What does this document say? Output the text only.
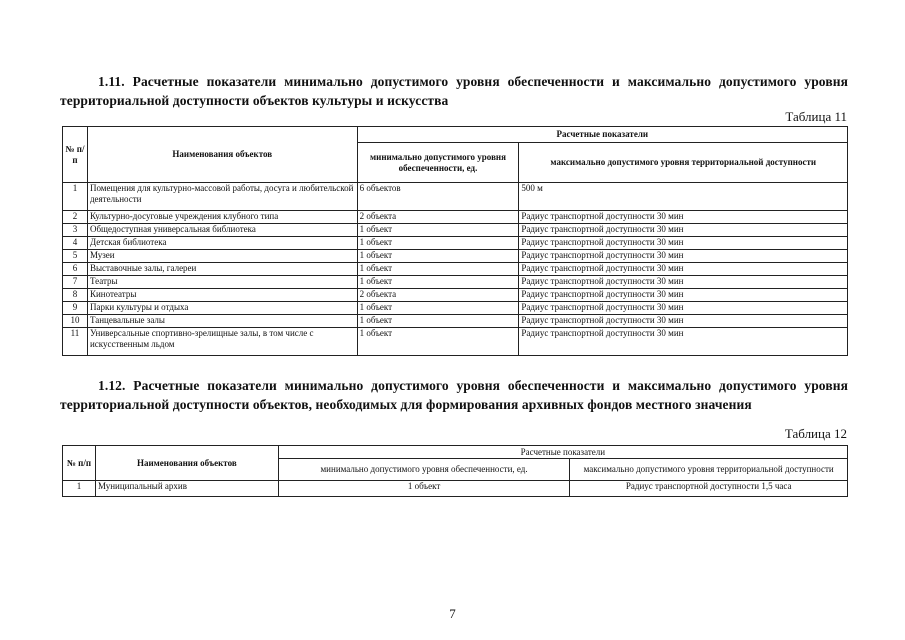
1.11. Расчетные показатели минимально допустимого уровня обеспеченности и максимально допустимого уровня территориальной доступности объектов культуры и искусства
Таблица 11
№ п/п	Наименования объектов	Расчетные показатели	
		минимально допустимого уровня обеспеченности, ед.	максимально допустимого уровня территориальной доступности
1	Помещения для культурно-массовой работы, досуга и любительской деятельности	6 объектов	500 м
2	Культурно-досуговые учреждения клубного типа	2 объекта	Радиус транспортной доступности 30 мин
3	Общедоступная универсальная библиотека	1 объект	Радиус транспортной доступности 30 мин
4	Детская библиотека	1 объект	Радиус транспортной доступности 30 мин
5	Музеи	1 объект	Радиус транспортной доступности 30 мин
6	Выставочные залы, галереи	1 объект	Радиус транспортной доступности 30 мин
7	Театры	1 объект	Радиус транспортной доступности 30 мин
8	Кинотеатры	2 объекта	Радиус транспортной доступности 30 мин
9	Парки культуры и отдыха	1 объект	Радиус транспортной доступности 30 мин
10	Танцевальные залы	1 объект	Радиус транспортной доступности 30 мин
11	Универсальные спортивно-зрелищные залы, в том числе с искусственным льдом	1 объект	Радиус транспортной доступности 30 мин
1.12. Расчетные показатели минимально допустимого уровня обеспеченности и максимально допустимого уровня территориальной доступности объектов, необходимых для формирования архивных фондов местного значения
Таблица 12
№ п/п	Наименования объектов	Расчетные показатели	
		минимально допустимого уровня обеспеченности, ед.	максимально допустимого уровня территориальной доступности
1	Муниципальный архив	1 объект	Радиус транспортной доступности 1,5 часа
7
